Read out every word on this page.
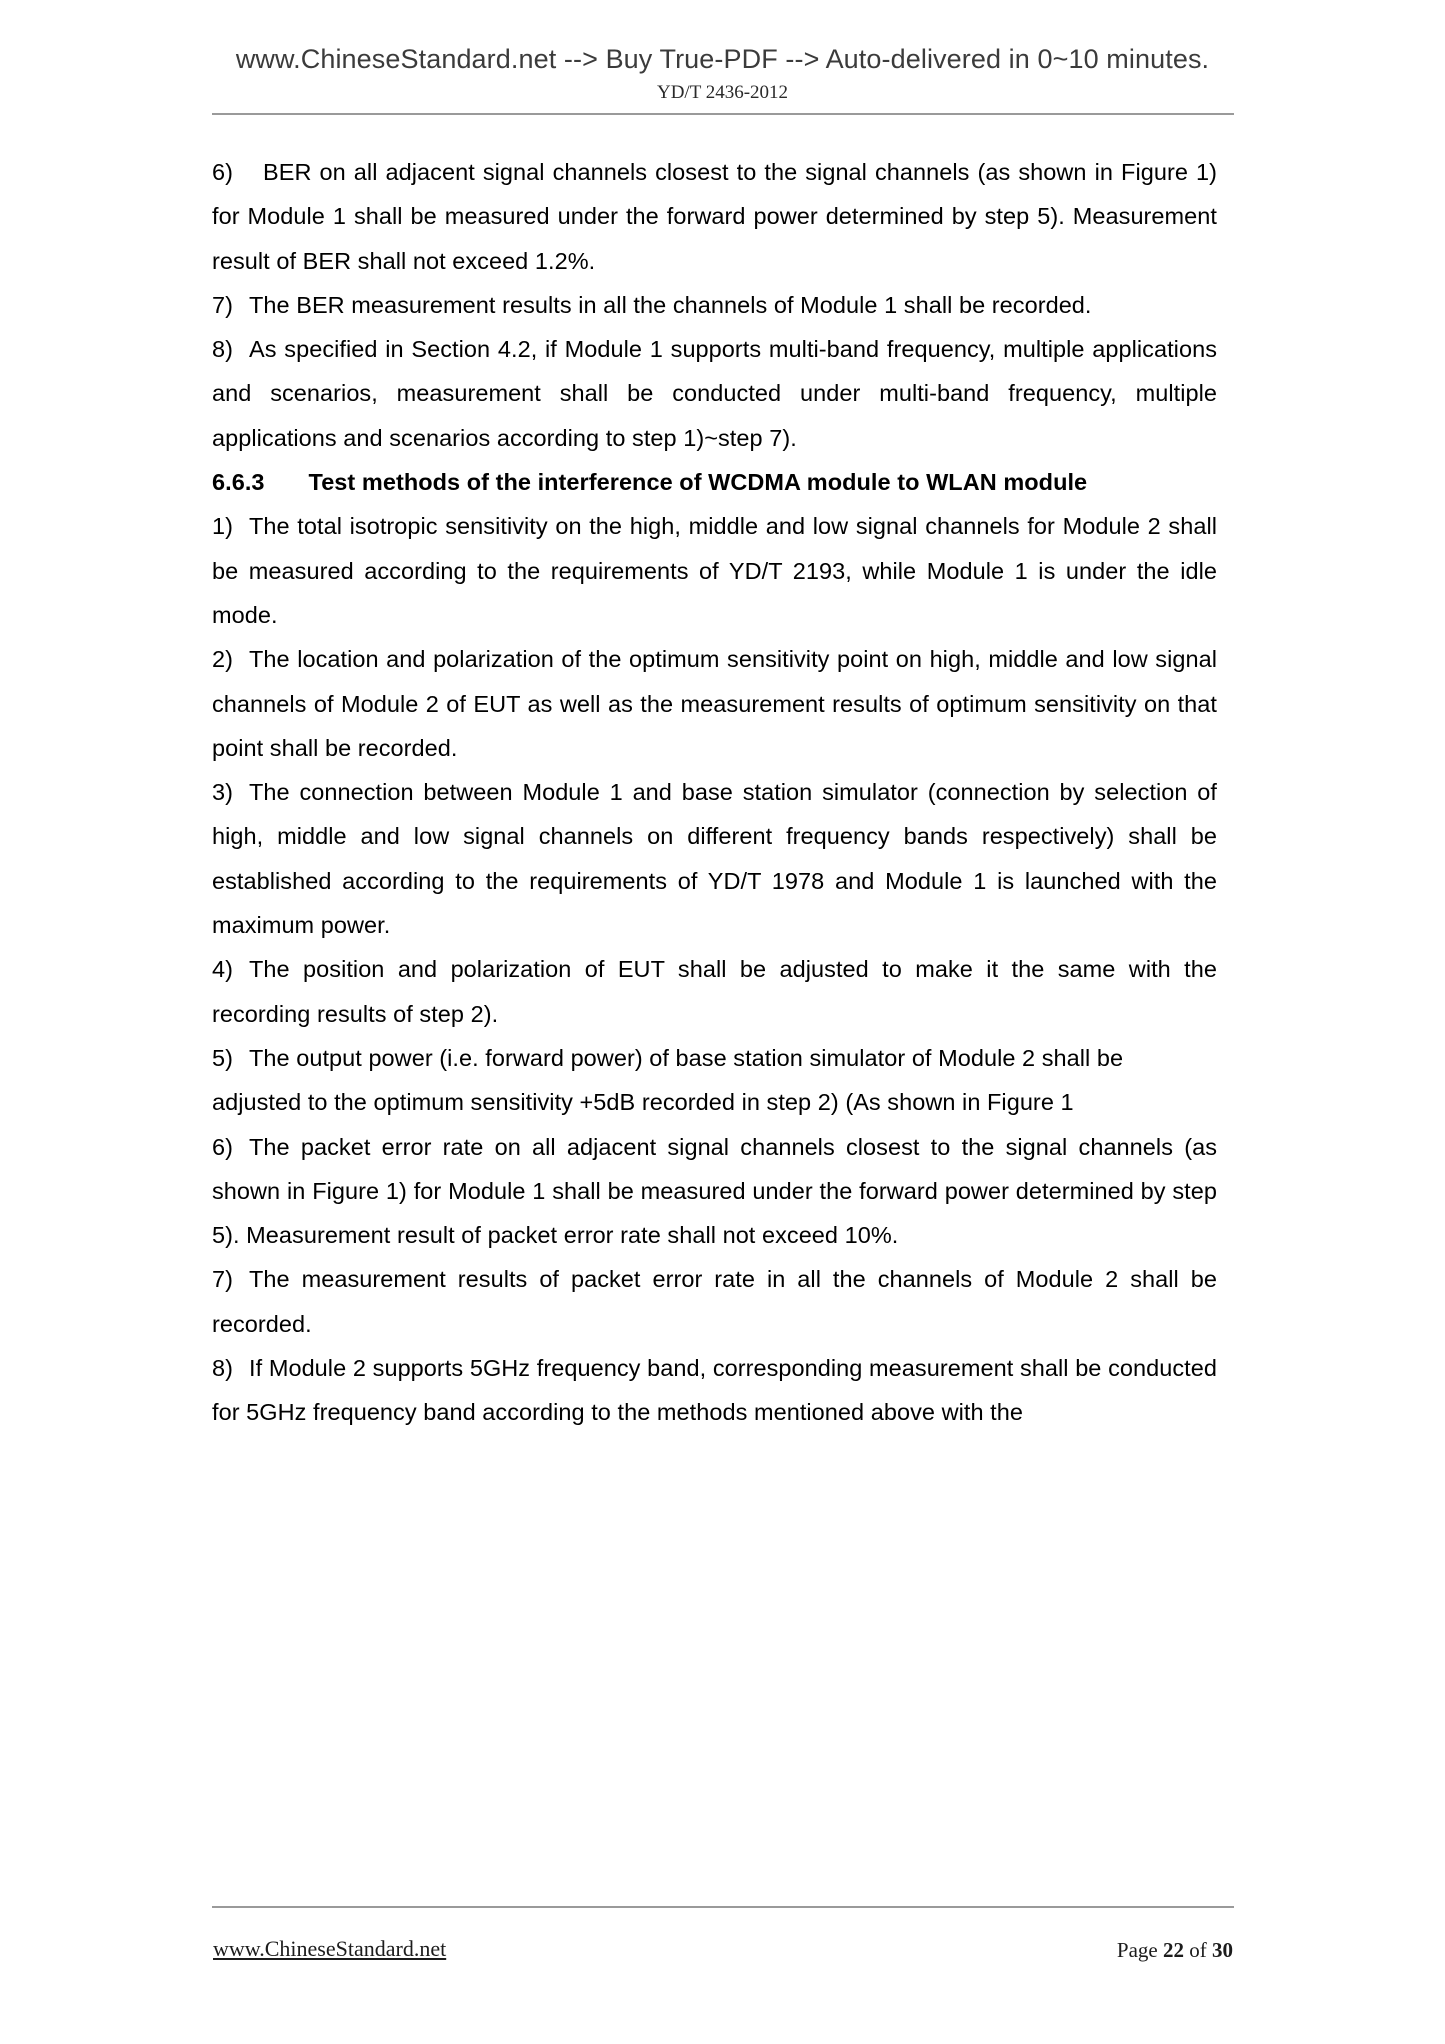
www.ChineseStandard.net --> Buy True-PDF --> Auto-delivered in 0~10 minutes.
YD/T 2436-2012

6) BER on all adjacent signal channels closest to the signal channels (as shown in Figure 1) for Module 1 shall be measured under the forward power determined by step 5). Measurement result of BER shall not exceed 1.2%.

7) The BER measurement results in all the channels of Module 1 shall be recorded.

8) As specified in Section 4.2, if Module 1 supports multi-band frequency, multiple applications and scenarios, measurement shall be conducted under multi-band frequency, multiple applications and scenarios according to step 1)~step 7).

6.6.3 Test methods of the interference of WCDMA module to WLAN module

1) The total isotropic sensitivity on the high, middle and low signal channels for Module 2 shall be measured according to the requirements of YD/T 2193, while Module 1 is under the idle mode.

2) The location and polarization of the optimum sensitivity point on high, middle and low signal channels of Module 2 of EUT as well as the measurement results of optimum sensitivity on that point shall be recorded.

3) The connection between Module 1 and base station simulator (connection by selection of high, middle and low signal channels on different frequency bands respectively) shall be established according to the requirements of YD/T 1978 and Module 1 is launched with the maximum power.

4) The position and polarization of EUT shall be adjusted to make it the same with the recording results of step 2).

5) The output power (i.e. forward power) of base station simulator of Module 2 shall be adjusted to the optimum sensitivity +5dB recorded in step 2) (As shown in Figure 1

6) The packet error rate on all adjacent signal channels closest to the signal channels (as shown in Figure 1) for Module 1 shall be measured under the forward power determined by step 5). Measurement result of packet error rate shall not exceed 10%.

7) The measurement results of packet error rate in all the channels of Module 2 shall be recorded.

8) If Module 2 supports 5GHz frequency band, corresponding measurement shall be conducted for 5GHz frequency band according to the methods mentioned above with the

www.ChineseStandard.net	Page 22 of 30
